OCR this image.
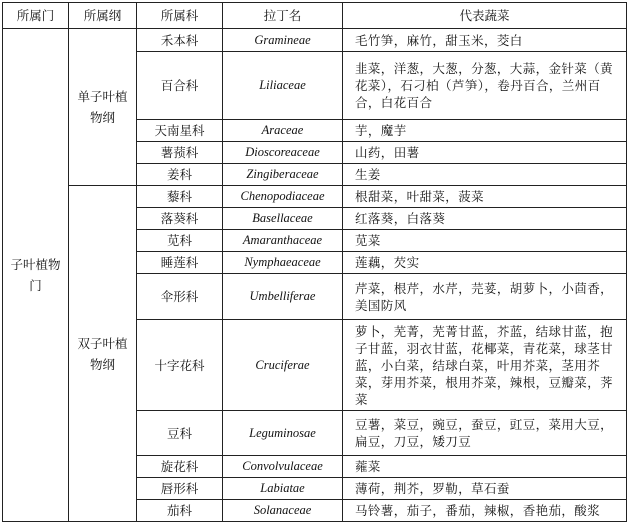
所属门	所属纲	所属科	拉丁名	代表蔬菜
子叶植物门	单子叶植物纲	禾本科	Gramineae	毛竹笋，麻竹，甜玉米，茭白
		百合科	Liliaceae	韭菜，洋葱，大葱，分葱，大蒜，金针菜（黄花菜），石刁柏（芦笋），卷丹百合，兰州百合，白花百合
		天南星科	Araceae	芋，魔芋
		薯蓣科	Dioscoreaceae	山药，田薯
		姜科	Zingiberaceae	生姜
	双子叶植物纲	藜科	Chenopodiaceae	根甜菜，叶甜菜，菠菜
		落葵科	Basellaceae	红落葵，白落葵
		苋科	Amaranthaceae	苋菜
		睡莲科	Nymphaeaceae	莲藕，芡实
		伞形科	Umbelliferae	芹菜，根芹，水芹，芫荽，胡萝卜，小茴香，美国防风
		十字花科	Cruciferae	萝卜，芜菁，芜菁甘蓝，芥蓝，结球甘蓝，抱子甘蓝，羽衣甘蓝，花椰菜，青花菜，球茎甘蓝，小白菜，结球白菜，叶用芥菜，茎用芥菜，芽用芥菜，根用芥菜，辣根，豆瓣菜，荠菜
		豆科	Leguminosae	豆薯，菜豆，豌豆，蚕豆，豇豆，菜用大豆，扁豆，刀豆，矮刀豆
		旋花科	Convolvulaceae	蕹菜
		唇形科	Labiatae	薄荷，荆芥，罗勒，草石蚕
		茄科	Solanaceae	马铃薯，茄子，番茄，辣椒，香艳茄，酸浆
